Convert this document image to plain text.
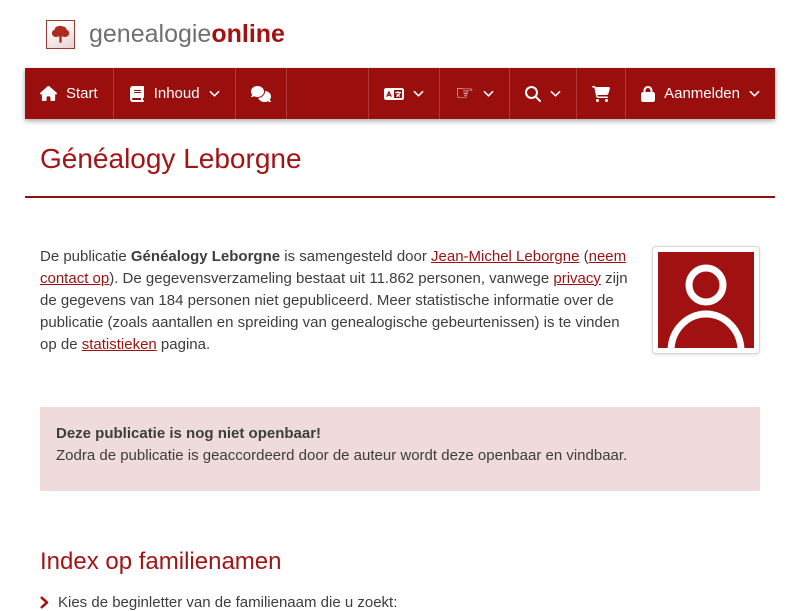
genealogieonline
Start	Inhoud	☞	Aanmelden
Généalogy Leborgne

De publicatie Généalogy Leborgne is samengesteld door Jean-Michel Leborgne (neem contact op). De gegevensverzameling bestaat uit 11.862 personen, vanwege privacy zijn de gegevens van 184 personen niet gepubliceerd. Meer statistische informatie over de publicatie (zoals aantallen en spreiding van genealogische gebeurtenissen) is te vinden op de statistieken pagina.

Deze publicatie is nog niet openbaar!

Zodra de publicatie is geaccordeerd door de auteur wordt deze openbaar en vindbaar.

Index op familienamen

Kies de beginletter van de familienaam die u zoekt:
